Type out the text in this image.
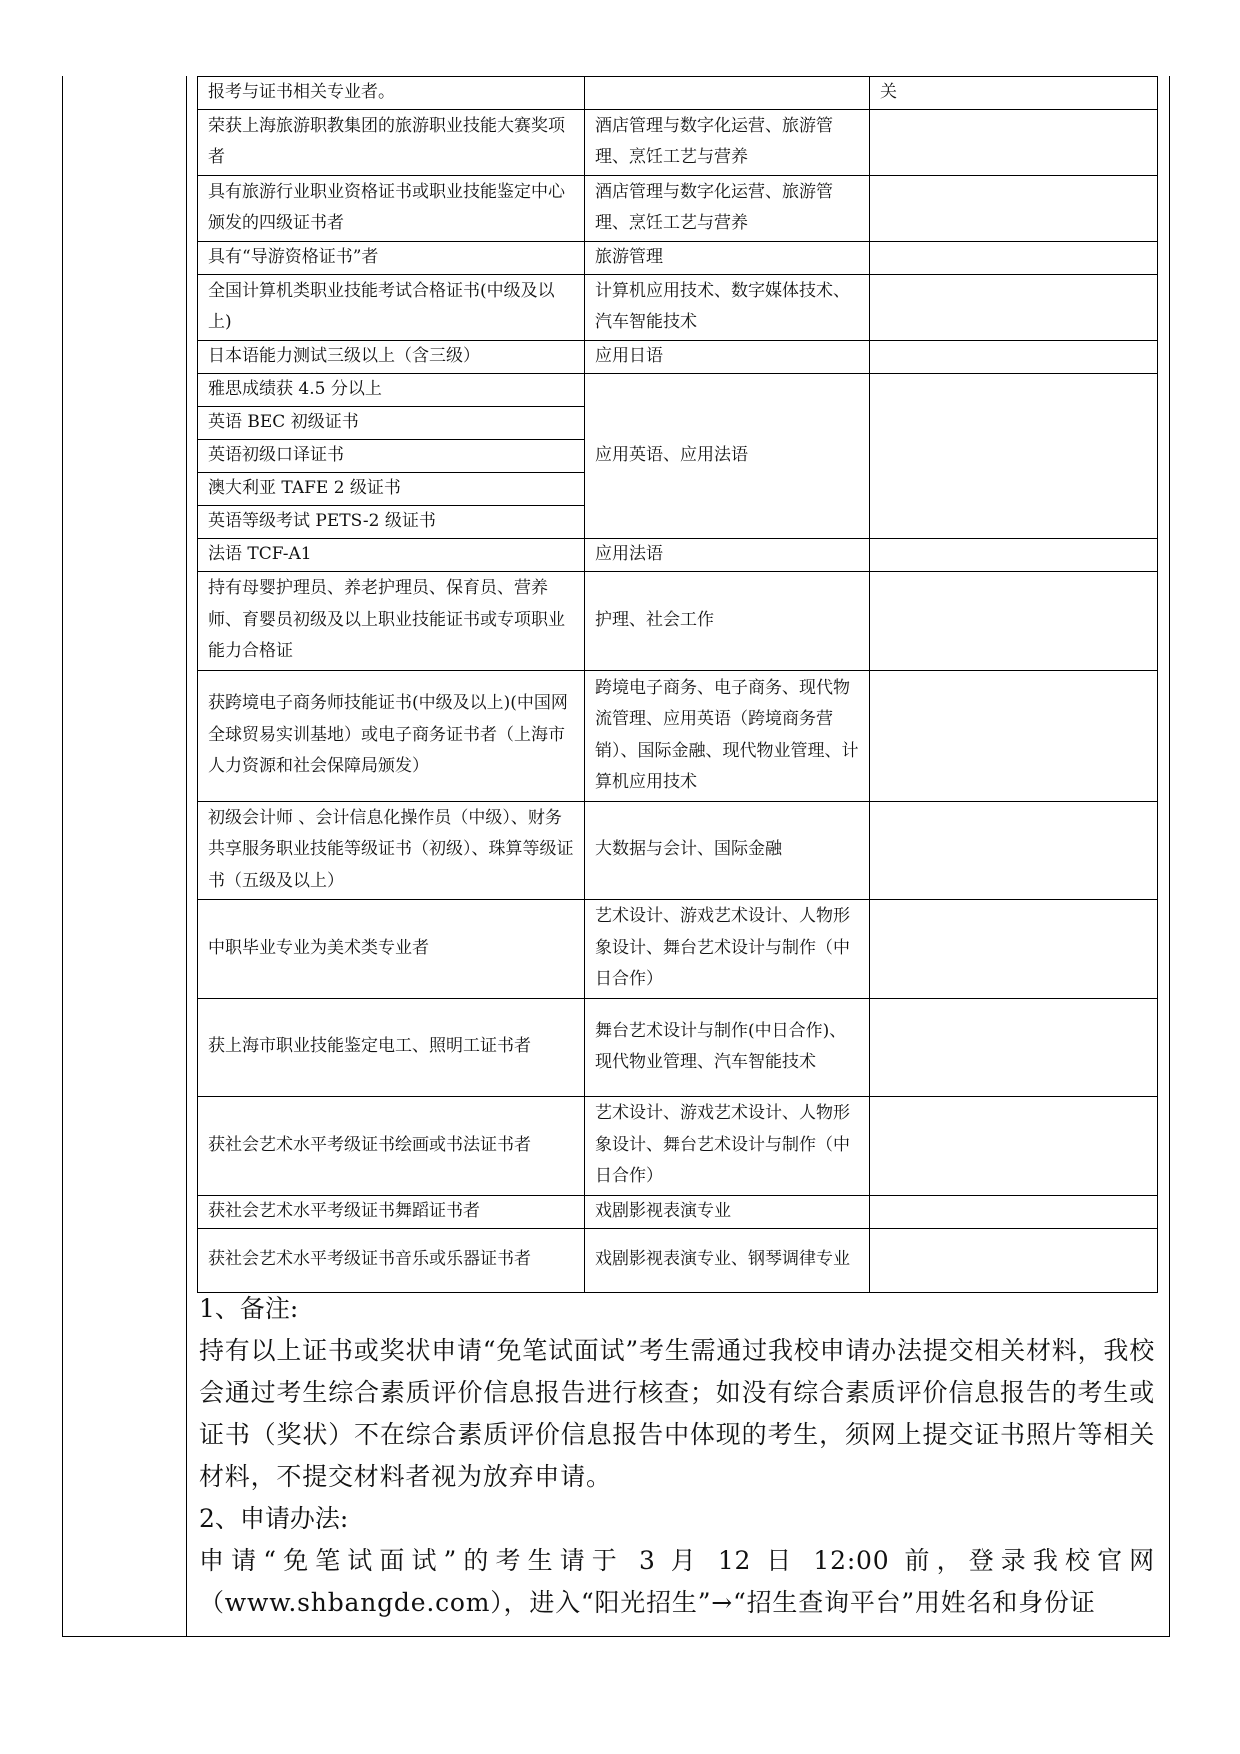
报考与证书相关专业者。		关
荣获上海旅游职教集团的旅游职业技能大赛奖项者	酒店管理与数字化运营、旅游管理、烹饪工艺与营养	
具有旅游行业职业资格证书或职业技能鉴定中心颁发的四级证书者	酒店管理与数字化运营、旅游管理、烹饪工艺与营养	
具有“导游资格证书”者	旅游管理	
全国计算机类职业技能考试合格证书(中级及以上)	计算机应用技术、数字媒体技术、汽车智能技术	
日本语能力测试三级以上（含三级）	应用日语	
雅思成绩获 4.5 分以上	应用英语、应用法语	
英语 BEC 初级证书		
英语初级口译证书		
澳大利亚 TAFE 2 级证书		
英语等级考试 PETS-2 级证书		
法语 TCF-A1	应用法语	
持有母婴护理员、养老护理员、保育员、营养师、育婴员初级及以上职业技能证书或专项职业能力合格证	护理、社会工作	
获跨境电子商务师技能证书(中级及以上)(中国网全球贸易实训基地）或电子商务证书者（上海市人力资源和社会保障局颁发）	跨境电子商务、电子商务、现代物流管理、应用英语（跨境商务营销）、国际金融、现代物业管理、计算机应用技术	
初级会计师 、会计信息化操作员（中级）、财务共享服务职业技能等级证书（初级）、珠算等级证书（五级及以上）	大数据与会计、国际金融	
中职毕业专业为美术类专业者	艺术设计、游戏艺术设计、人物形象设计、舞台艺术设计与制作（中日合作）	
获上海市职业技能鉴定电工、照明工证书者	舞台艺术设计与制作(中日合作)、现代物业管理、汽车智能技术	
获社会艺术水平考级证书绘画或书法证书者	艺术设计、游戏艺术设计、人物形象设计、舞台艺术设计与制作（中日合作）	
获社会艺术水平考级证书舞蹈证书者	戏剧影视表演专业	
获社会艺术水平考级证书音乐或乐器证书者	戏剧影视表演专业、钢琴调律专业	

1、备注:

持有以上证书或奖状申请“免笔试面试”考生需通过我校申请办法提交相关材料，我校会通过考生综合素质评价信息报告进行核查；如没有综合素质评价信息报告的考生或证书（奖状）不在综合素质评价信息报告中体现的考生，须网上提交证书照片等相关材料，不提交材料者视为放弃申请。

2、申请办法:

申请“免笔试面试”的考生请于 3 月 12 日 12:00 前，登录我校官网（www.shbangde.com），进入“阳光招生”→“招生查询平台”用姓名和身份证
